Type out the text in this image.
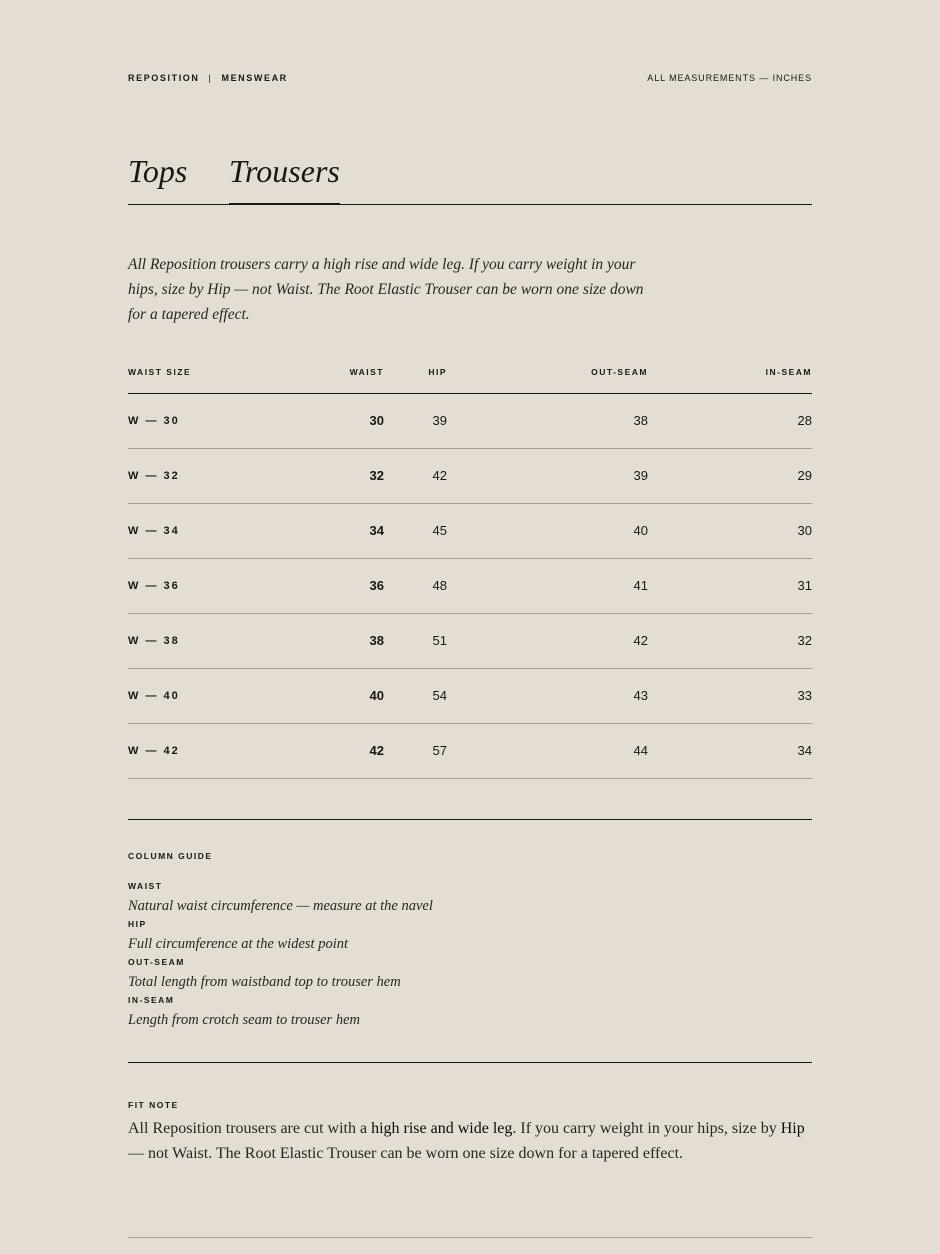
REPOSITION | MENSWEAR	ALL MEASUREMENTS — INCHES
Tops Trousers

All Reposition trousers carry a high rise and wide leg. If you carry weight in your hips, size by Hip — not Waist. The Root Elastic Trouser can be worn one size down for a tapered effect.

WAIST SIZE	WAIST	HIP	OUT-SEAM	IN-SEAM
W — 30	30	39	38	28
W — 32	32	42	39	29
W — 34	34	45	40	30
W — 36	36	48	41	31
W — 38	38	51	42	32
W — 40	40	54	43	33
W — 42	42	57	44	34
COLUMN GUIDE
WAIST
Natural waist circumference — measure at the navel
HIP
Full circumference at the widest point
OUT-SEAM
Total length from waistband top to trouser hem
IN-SEAM
Length from crotch seam to trouser hem
FIT NOTE

All Reposition trousers are cut with a high rise and wide leg. If you carry weight in your hips, size by Hip — not Waist. The Root Elastic Trouser can be worn one size down for a tapered effect.
